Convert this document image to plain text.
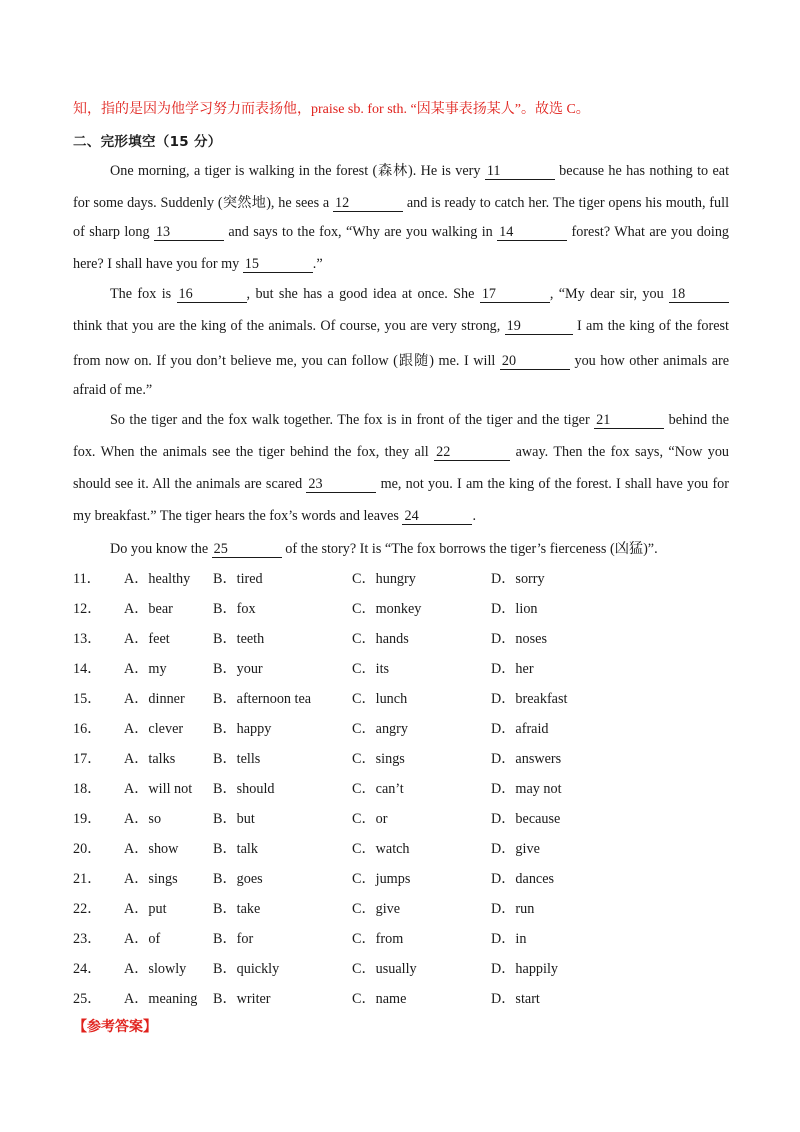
知，指的是因为他学习努力而表扬他，praise sb. for sth. “因某事表扬某人”。故选 C。
二、完形填空（15 分）
One morning, a tiger is walking in the forest (森林). He is very 11	because he has nothing to eat
for some days. Suddenly (突然地), he sees a 12	and is ready to catch her. The tiger opens his mouth, full
of sharp long 13	and says to the fox, “Why are you walking in 14	forest? What are you doing
here? I shall have you for my 15	.”
The fox is 16	, but she has a good idea at once. She 17	, “My dear sir, you 18
think that you are the king of the animals. Of course, you are very strong, 19	I am the king of the forest
from now on. If you don’t believe me, you can follow (跟随) me. I will 20	you how other animals are
afraid of me.”
So the tiger and the fox walk together. The fox is in front of the tiger and the tiger 21	behind the
fox. When the animals see the tiger behind the fox, they all 22	away. Then the fox says, “Now you
should see it. All the animals are scared 23	me, not you. I am the king of the forest. I shall have you for
my breakfast.” The tiger hears the fox’s words and leaves 24	.
Do you know the 25	of the story? It is “The fox borrows the tiger’s fierceness (凶猛)”.
11． A．healthy B．tired	C．hungry	D．sorry
12． A．bear	B．fox	C．monkey	D．lion
13． A．feet	B．teeth	C．hands	D．noses
14． A．my	B．your	C．its	D．her
15． A．dinner B．afternoon tea	C．lunch	D．breakfast
16． A．clever B．happy	C．angry	D．afraid
17． A．talks	B．tells	C．sings	D．answers
18． A．will not B．should	C．can’t	D．may not
19． A．so	B．but	C．or	D．because
20． A．show B．talk	C．watch	D．give
21． A．sings B．goes	C．jumps	D．dances
22． A．put	B．take	C．give	D．run
23． A．of	B．for	C．from	D．in
24． A．slowly B．quickly	C．usually	D．happily
25． A．meaning B．writer	C．name	D．start
【参考答案】
